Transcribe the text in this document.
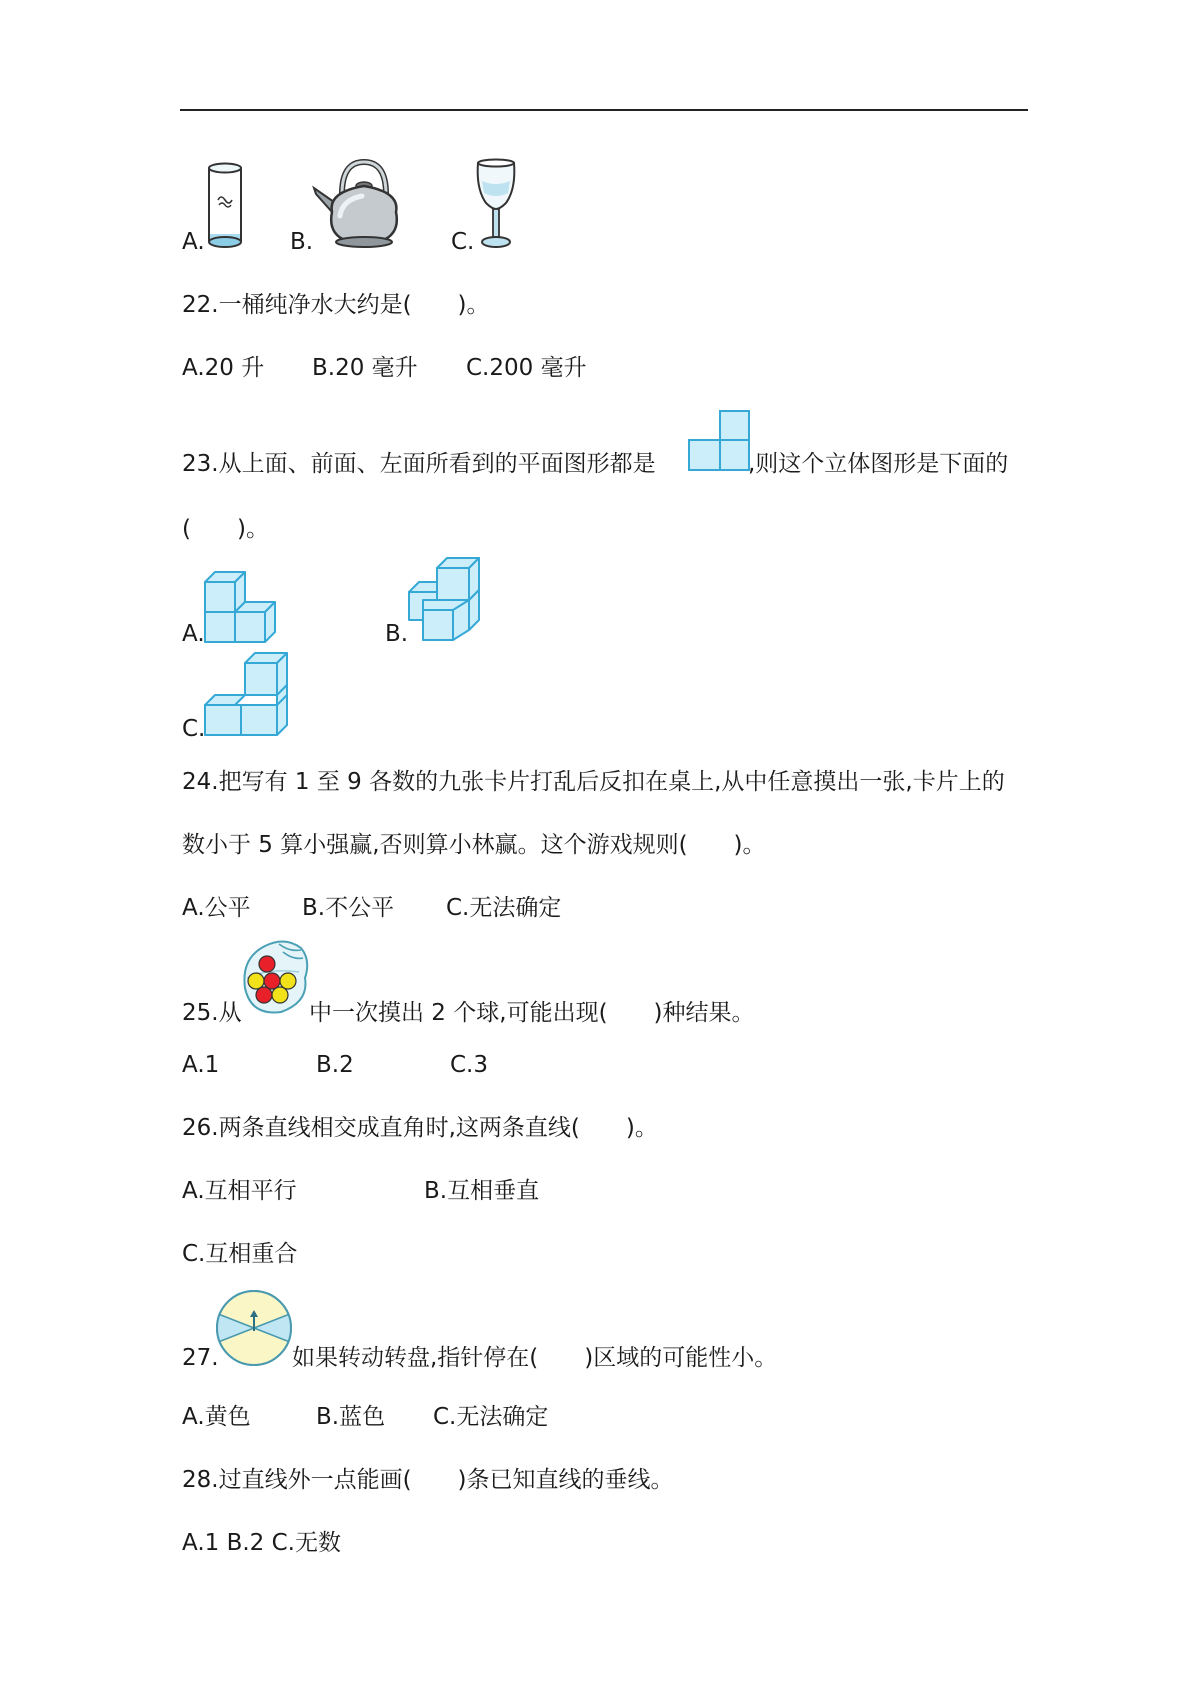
A.	B.	C.
22.一桶纯净水大约是(　　)。
A.20 升 B.20 毫升 C.200 毫升
23.从上面、前面、左面所看到的平面图形都是	,则这个立体图形是下面的
(　　)。
A.	B.
C.
24.把写有 1 至 9 各数的九张卡片打乱后反扣在桌上,从中任意摸出一张,卡片上的
数小于 5 算小强赢,否则算小林赢。这个游戏规则(　　)。
A.公平 B.不公平 C.无法确定
25.从	中一次摸出 2 个球,可能出现(　　)种结果。
A.1	B.2	C.3
26.两条直线相交成直角时,这两条直线(　　)。
A.互相平行	B.互相垂直
C.互相重合
27.	如果转动转盘,指针停在(　　)区域的可能性小。
A.黄色	B.蓝色 C.无法确定
28.过直线外一点能画(　　)条已知直线的垂线。
A.1 B.2 C.无数
